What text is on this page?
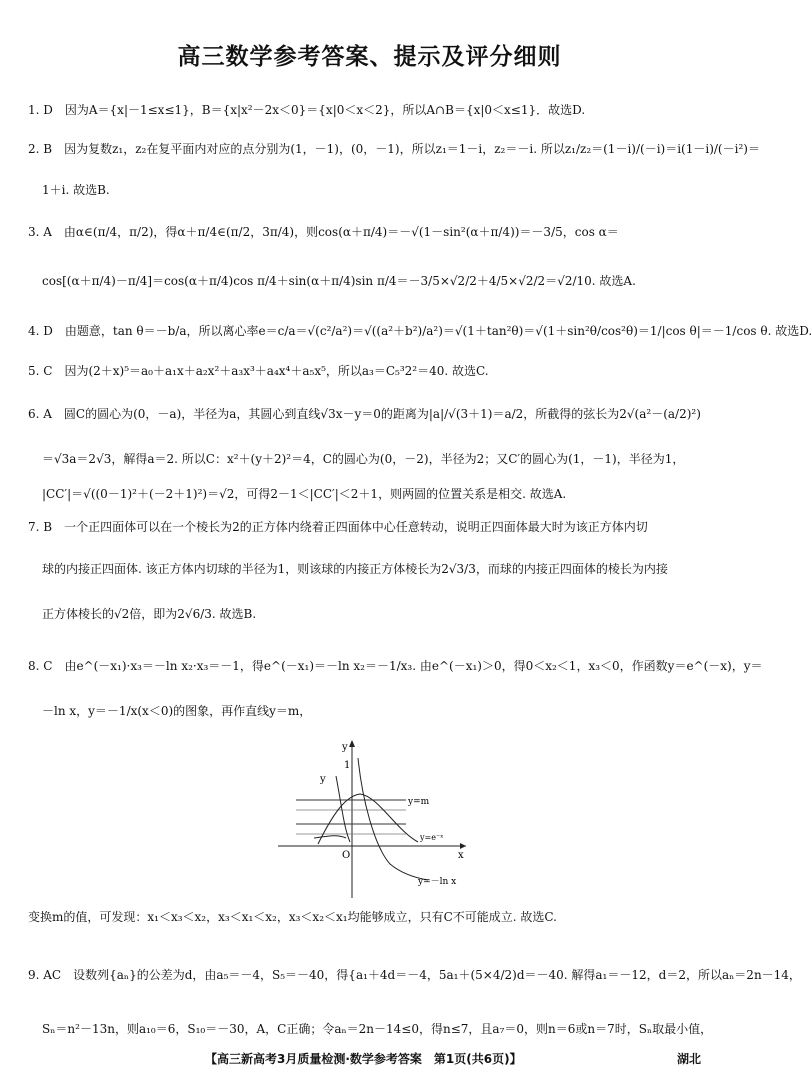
高三数学参考答案、提示及评分细则
1. D　因为A＝{x|－1≤x≤1}，B＝{x|x²－2x＜0}＝{x|0＜x＜2}，所以A∩B＝{x|0＜x≤1}．故选D.
2. B　因为复数z₁，z₂在复平面内对应的点分别为(1，－1)，(0，－1)，所以z₁＝1－i，z₂＝－i. 所以z₁/z₂＝(1－i)/(－i)＝i(1－i)/(－i²)＝
1＋i. 故选B.
3. A　由α∈(π/4，π/2)，得α＋π/4∈(π/2，3π/4)，则cos(α＋π/4)＝－√(1－sin²(α＋π/4))＝－3/5，cos α＝
cos[(α＋π/4)－π/4]＝cos(α＋π/4)cos π/4＋sin(α＋π/4)sin π/4＝－3/5×√2/2＋4/5×√2/2＝√2/10. 故选A.
4. D　由题意，tan θ＝－b/a，所以离心率e＝c/a＝√(c²/a²)＝√((a²＋b²)/a²)＝√(1＋tan²θ)＝√(1＋sin²θ/cos²θ)＝1/|cos θ|＝－1/cos θ. 故选D.
5. C　因为(2＋x)⁵＝a₀＋a₁x＋a₂x²＋a₃x³＋a₄x⁴＋a₅x⁵，所以a₃＝C₅³2²＝40. 故选C.
6. A　圆C的圆心为(0，－a)，半径为a，其圆心到直线√3x－y＝0的距离为|a|/√(3＋1)＝a/2，所截得的弦长为2√(a²－(a/2)²)
＝√3a＝2√3，解得a＝2. 所以C：x²＋(y＋2)²＝4，C的圆心为(0，－2)，半径为2；又C′的圆心为(1，－1)，半径为1，
|CC′|＝√((0－1)²＋(－2＋1)²)＝√2，可得2－1＜|CC′|＜2＋1，则两圆的位置关系是相交. 故选A.
7. B　一个正四面体可以在一个棱长为2的正方体内绕着正四面体中心任意转动，说明正四面体最大时为该正方体内切
球的内接正四面体. 该正方体内切球的半径为1，则该球的内接正方体棱长为2√3/3，而球的内接正四面体的棱长为内接
正方体棱长的√2倍，即为2√6/3. 故选B.
8. C　由e^(－x₁)·x₃＝－ln x₂·x₃＝－1，得e^(－x₁)＝－ln x₂＝－1/x₃. 由e^(－x₁)＞0，得0＜x₂＜1，x₃＜0，作函数y＝e^(－x)，y＝
－ln x，y＝－1/x(x＜0)的图象，再作直线y＝m，
y
x
O
1
y
y=m
y=e⁻ˣ
y=－ln x
变换m的值，可发现：x₁＜x₃＜x₂，x₃＜x₁＜x₂，x₃＜x₂＜x₁均能够成立，只有C不可能成立. 故选C.
9. AC　设数列{aₙ}的公差为d，由a₅＝－4，S₅＝－40，得{a₁＋4d＝－4，5a₁＋(5×4/2)d＝－40. 解得a₁＝－12，d＝2，所以aₙ＝2n－14，
Sₙ＝n²－13n，则a₁₀＝6，S₁₀＝－30，A，C正确；令aₙ＝2n－14≤0，得n≤7，且a₇＝0，则n＝6或n＝7时，Sₙ取最小值，
【高三新高考3月质量检测·数学参考答案　第1页(共6页)】	湖北
